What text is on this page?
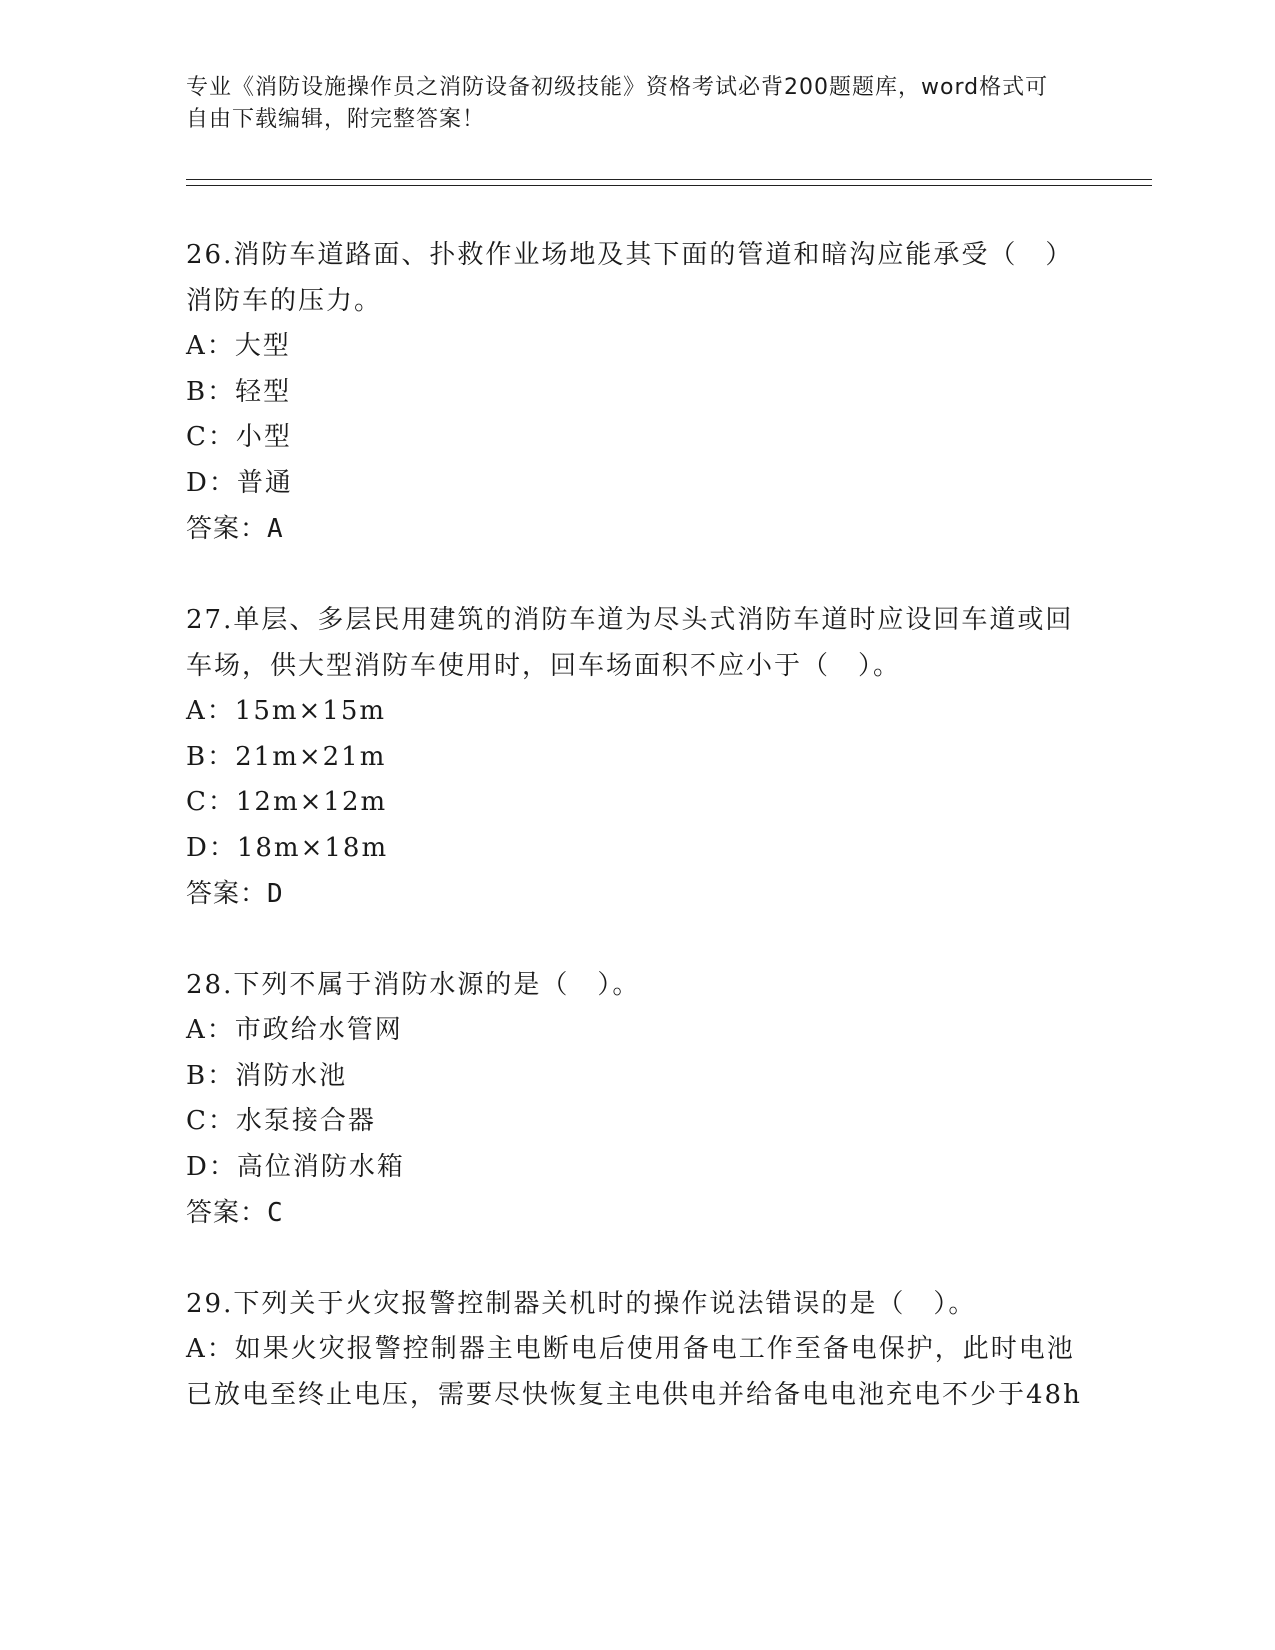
专业《消防设施操作员之消防设备初级技能》资格考试必背200题题库，word格式可自由下载编辑，附完整答案！

26.消防车道路面、扑救作业场地及其下面的管道和暗沟应能承受（　）消防车的压力。

A：大型

B：轻型

C：小型

D：普通

答案：A

27.单层、多层民用建筑的消防车道为尽头式消防车道时应设回车道或回车场，供大型消防车使用时，回车场面积不应小于（　）。

A：15m×15m

B：21m×21m

C：12m×12m

D：18m×18m

答案：D

28.下列不属于消防水源的是（　）。

A：市政给水管网

B：消防水池

C：水泵接合器

D：高位消防水箱

答案：C

29.下列关于火灾报警控制器关机时的操作说法错误的是（　）。

A：如果火灾报警控制器主电断电后使用备电工作至备电保护，此时电池已放电至终止电压，需要尽快恢复主电供电并给备电电池充电不少于48h
